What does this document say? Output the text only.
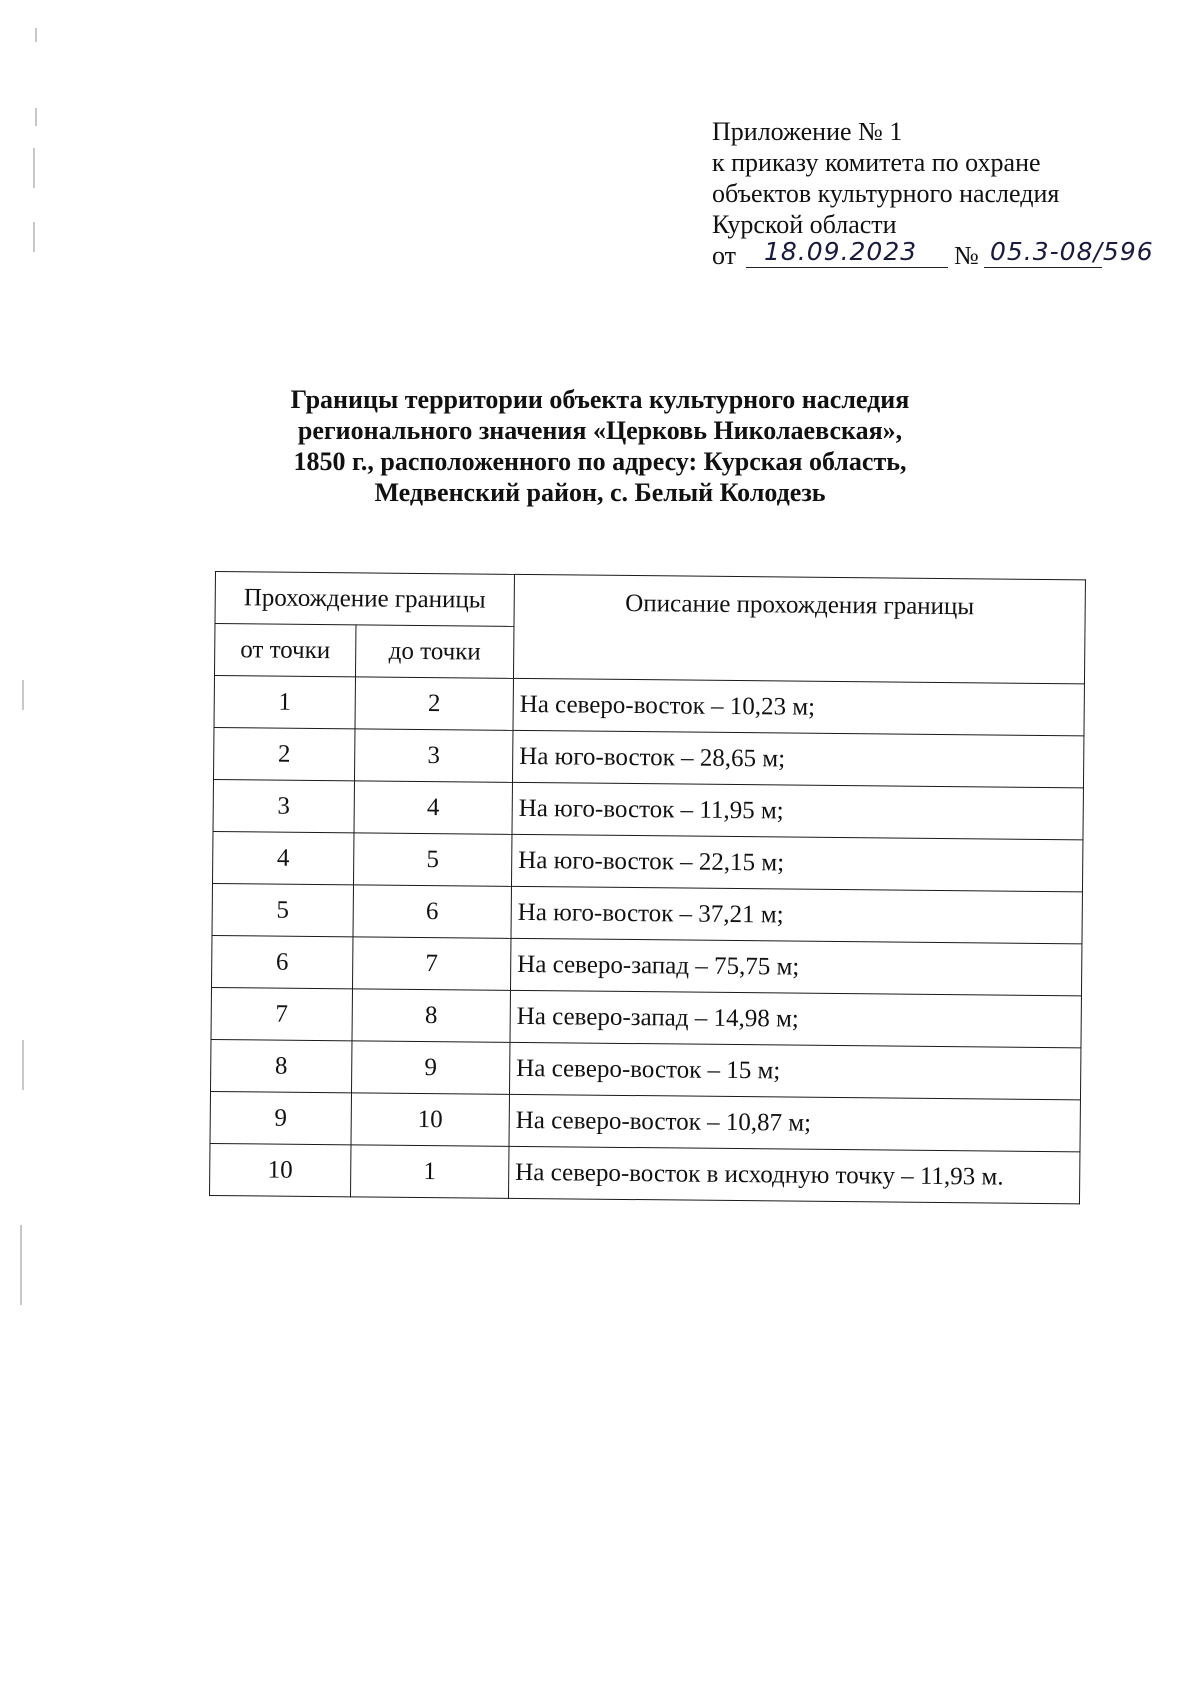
Приложение № 1
к приказу комитета по охране
объектов культурного наследия
Курской области
от 18.09.2023 № 05.3-08/596
Границы территории объекта культурного наследия
регионального значения «Церковь Николаевская»,
1850 г., расположенного по адресу: Курская область,
Медвенский район, с. Белый Колодезь
Прохождение границы		Описание прохождения границы
от точки	до точки	
1	2	На северо-восток – 10,23 м;
2	3	На юго-восток – 28,65 м;
3	4	На юго-восток – 11,95 м;
4	5	На юго-восток – 22,15 м;
5	6	На юго-восток – 37,21 м;
6	7	На северо-запад – 75,75 м;
7	8	На северо-запад – 14,98 м;
8	9	На северо-восток – 15 м;
9	10	На северо-восток – 10,87 м;
10	1	На северо-восток в исходную точку – 11,93 м.
